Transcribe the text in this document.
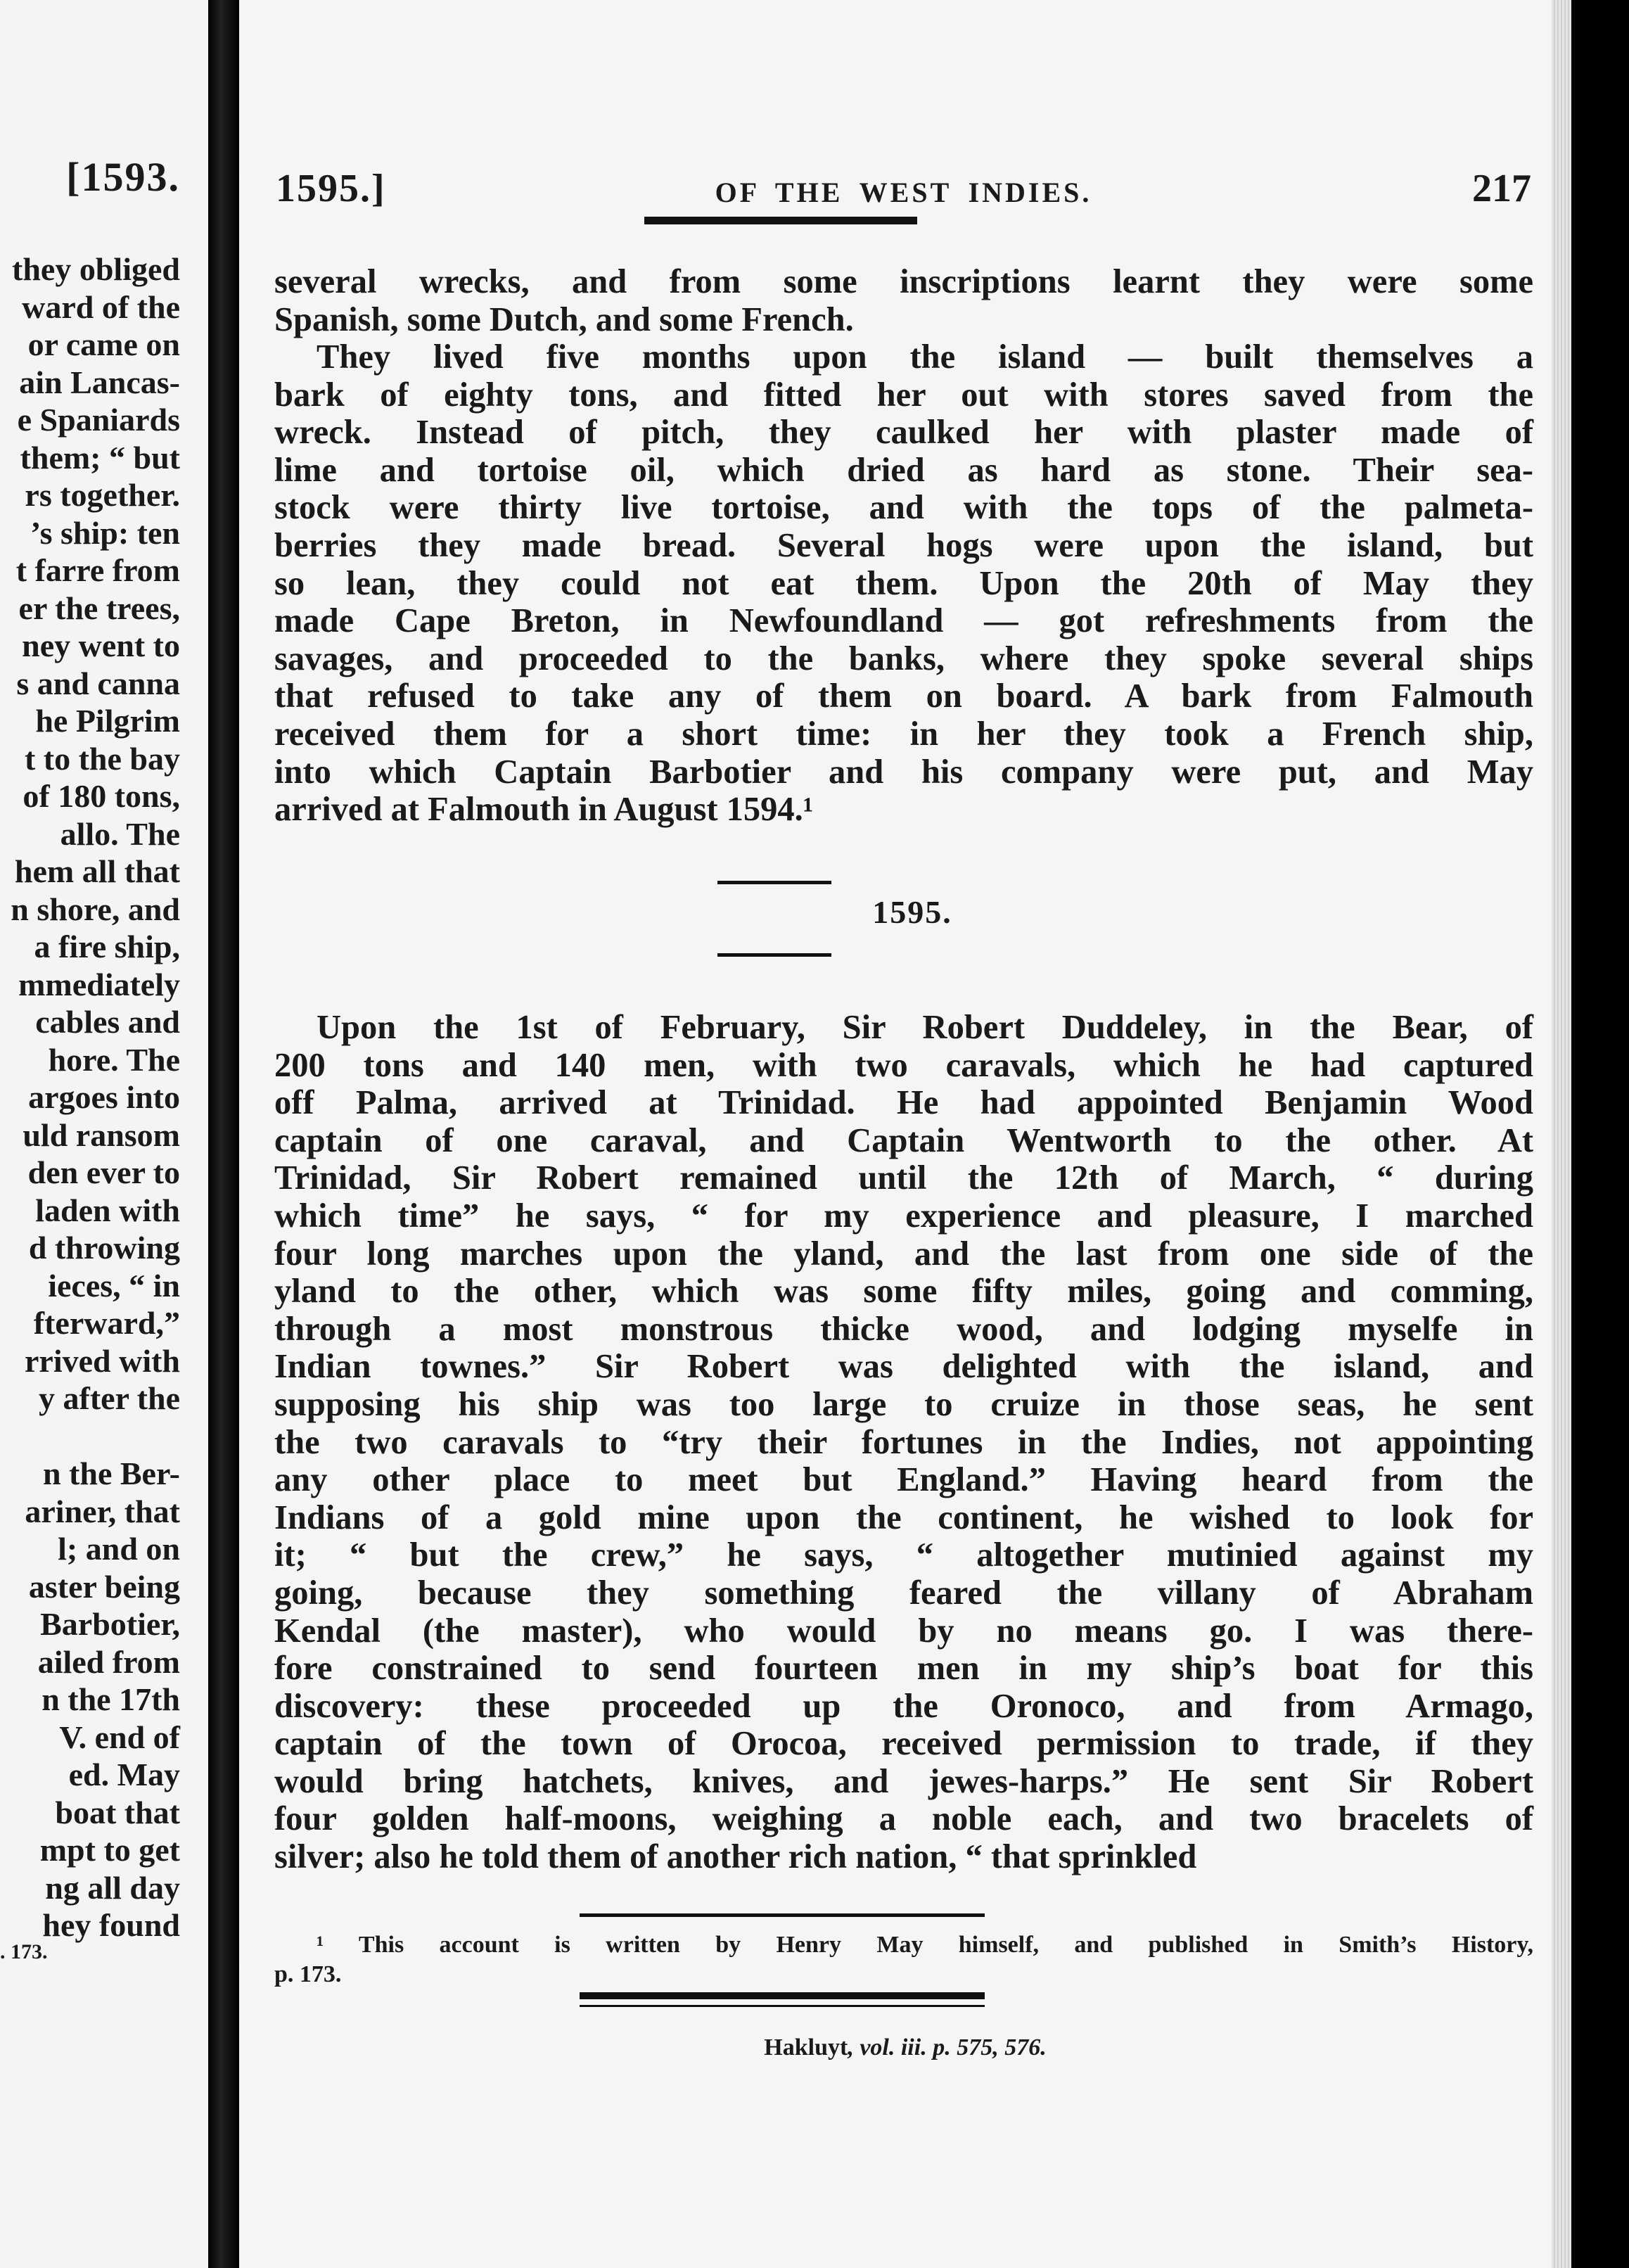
[1593.
they obliged
ward of the
or came on
ain Lancas-
e Spaniards
them; “ but
rs together.
’s ship: ten
t farre from
er the trees,
ney went to
s and canna
he Pilgrim
t to the bay
of 180 tons,
allo. The
hem all that
n shore, and
a fire ship,
mmediately
cables and
hore. The
argoes into
uld ransom
den ever to
laden with
d throwing
ieces, “ in
fterward,”
rrived with
y after the
n the Ber-
ariner, that
l; and on
aster being
Barbotier,
ailed from
n the 17th
V. end of
ed. May
boat that
mpt to get
ng all day
hey found
. 173.
1595.]	OF THE WEST INDIES.	217
several wrecks, and from some inscriptions learnt they were some
Spanish, some Dutch, and some French.
They lived five months upon the island — built themselves a
bark of eighty tons, and fitted her out with stores saved from the
wreck. Instead of pitch, they caulked her with plaster made of
lime and tortoise oil, which dried as hard as stone. Their sea-
stock were thirty live tortoise, and with the tops of the palmeta-
berries they made bread. Several hogs were upon the island, but
so lean, they could not eat them. Upon the 20th of May they
made Cape Breton, in Newfoundland — got refreshments from the
savages, and proceeded to the banks, where they spoke several ships
that refused to take any of them on board. A bark from Falmouth
received them for a short time: in her they took a French ship,
into which Captain Barbotier and his company were put, and May
arrived at Falmouth in August 1594.¹
1595.
Upon the 1st of February, Sir Robert Duddeley, in the Bear, of
200 tons and 140 men, with two caravals, which he had captured
off Palma, arrived at Trinidad. He had appointed Benjamin Wood
captain of one caraval, and Captain Wentworth to the other. At
Trinidad, Sir Robert remained until the 12th of March, “ during
which time” he says, “ for my experience and pleasure, I marched
four long marches upon the yland, and the last from one side of the
yland to the other, which was some fifty miles, going and comming,
through a most monstrous thicke wood, and lodging myselfe in
Indian townes.” Sir Robert was delighted with the island, and
supposing his ship was too large to cruize in those seas, he sent
the two caravals to “try their fortunes in the Indies, not appointing
any other place to meet but England.” Having heard from the
Indians of a gold mine upon the continent, he wished to look for
it; “ but the crew,” he says, “ altogether mutinied against my
going, because they something feared the villany of Abraham
Kendal (the master), who would by no means go. I was there-
fore constrained to send fourteen men in my ship’s boat for this
discovery: these proceeded up the Oronoco, and from Armago,
captain of the town of Orocoa, received permission to trade, if they
would bring hatchets, knives, and jewes-harps.” He sent Sir Robert
four golden half-moons, weighing a noble each, and two bracelets of
silver; also he told them of another rich nation, “ that sprinkled
¹ This account is written by Henry May himself, and published in Smith’s History,
p. 173.
Hakluyt, vol. iii. p. 575, 576.
